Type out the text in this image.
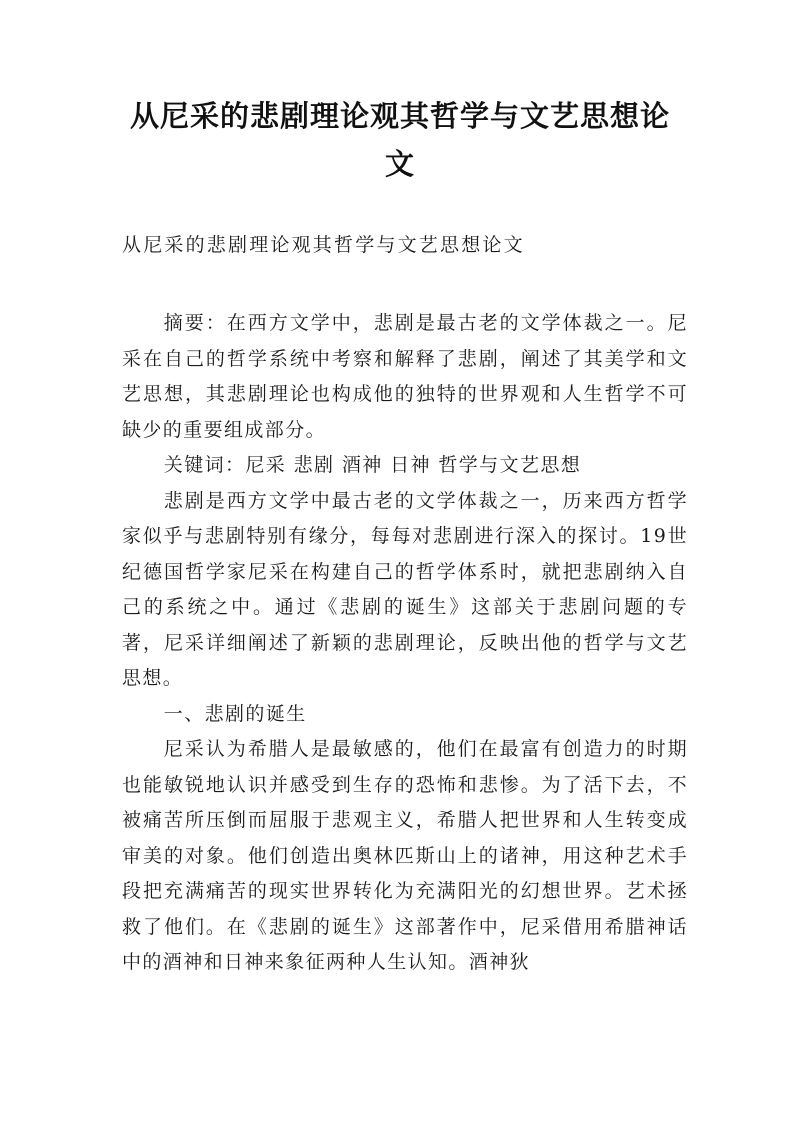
从尼采的悲剧理论观其哲学与文艺思想论文

从尼采的悲剧理论观其哲学与文艺思想论文

摘要：在西方文学中，悲剧是最古老的文学体裁之一。尼采在自己的哲学系统中考察和解释了悲剧，阐述了其美学和文艺思想，其悲剧理论也构成他的独特的世界观和人生哲学不可缺少的重要组成部分。

关键词：尼采 悲剧 酒神 日神 哲学与文艺思想

悲剧是西方文学中最古老的文学体裁之一，历来西方哲学家似乎与悲剧特别有缘分，每每对悲剧进行深入的探讨。19世纪德国哲学家尼采在构建自己的哲学体系时，就把悲剧纳入自己的系统之中。通过《悲剧的诞生》这部关于悲剧问题的专著，尼采详细阐述了新颖的悲剧理论，反映出他的哲学与文艺思想。

一、悲剧的诞生

尼采认为希腊人是最敏感的，他们在最富有创造力的时期也能敏锐地认识并感受到生存的恐怖和悲惨。为了活下去，不被痛苦所压倒而屈服于悲观主义，希腊人把世界和人生转变成审美的对象。他们创造出奥林匹斯山上的诸神，用这种艺术手段把充满痛苦的现实世界转化为充满阳光的幻想世界。艺术拯救了他们。在《悲剧的诞生》这部著作中，尼采借用希腊神话中的酒神和日神来象征两种人生认知。酒神狄
